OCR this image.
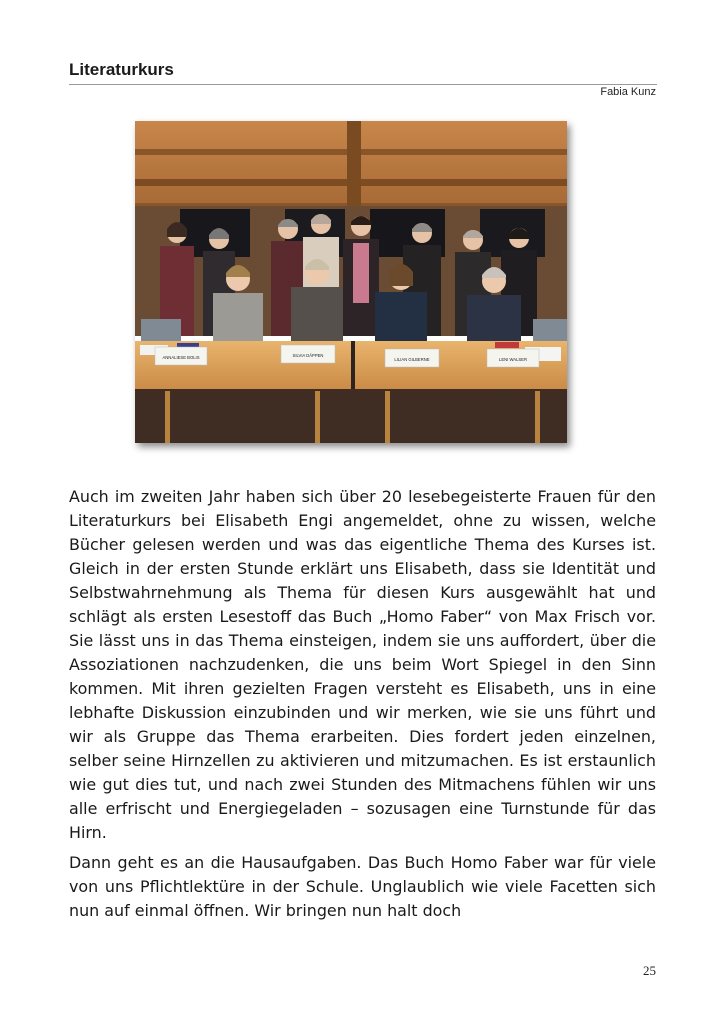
Literaturkurs
Fabia Kunz
ANNALIESE BOLIS	SILVIA DÄPPEN
LILIAN GILBERNE	LENI WALSER

Auch im zweiten Jahr haben sich über 20 lesebegeisterte Frauen für den Literaturkurs bei Elisabeth Engi angemeldet, ohne zu wissen, welche Bücher gelesen werden und was das eigentliche Thema des Kurses ist. Gleich in der ersten Stunde erklärt uns Elisabeth, dass sie Identität und Selbstwahrnehmung als Thema für diesen Kurs ausgewählt hat und schlägt als ersten Lesestoff das Buch „Homo Faber“ von Max Frisch vor. Sie lässt uns in das Thema einsteigen, indem sie uns auffordert, über die Assoziationen nachzudenken, die uns beim Wort Spiegel in den Sinn kommen. Mit ihren gezielten Fragen versteht es Elisabeth, uns in eine lebhafte Diskussion einzubinden und wir merken, wie sie uns führt und wir als Gruppe das Thema erarbeiten. Dies fordert jeden einzelnen, selber seine Hirnzellen zu aktivieren und mitzumachen. Es ist erstaunlich wie gut dies tut, und nach zwei Stunden des Mitmachens fühlen wir uns alle erfrischt und Energiegeladen – sozusagen eine Turnstunde für das Hirn.

Dann geht es an die Hausaufgaben. Das Buch Homo Faber war für viele von uns Pflichtlektüre in der Schule. Unglaublich wie viele Facetten sich nun auf einmal öffnen. Wir bringen nun halt doch

25
